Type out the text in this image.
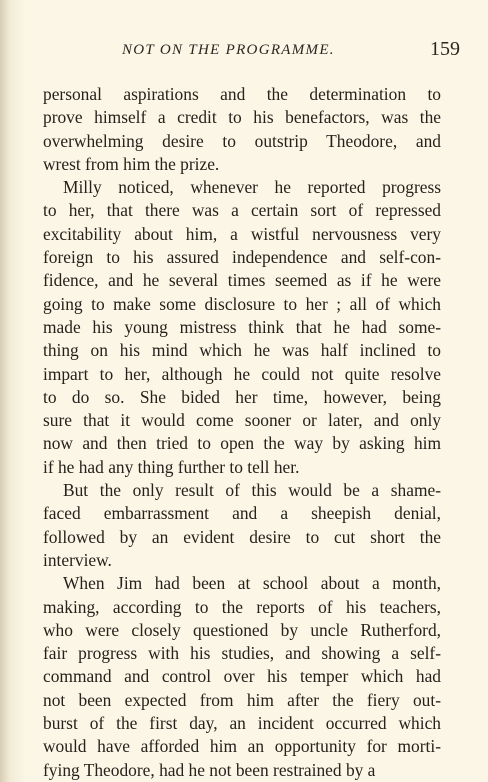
NOT ON THE PROGRAMME.	159
personal aspirations and the determination to
prove himself a credit to his benefactors, was the
overwhelming desire to outstrip Theodore, and
wrest from him the prize.
Milly noticed, whenever he reported progress
to her, that there was a certain sort of repressed
excitability about him, a wistful nervousness very
foreign to his assured independence and self-con-
fidence, and he several times seemed as if he were
going to make some disclosure to her ; all of which
made his young mistress think that he had some-
thing on his mind which he was half inclined to
impart to her, although he could not quite resolve
to do so. She bided her time, however, being
sure that it would come sooner or later, and only
now and then tried to open the way by asking him
if he had any thing further to tell her.
But the only result of this would be a shame-
faced embarrassment and a sheepish denial,
followed by an evident desire to cut short the
interview.
When Jim had been at school about a month,
making, according to the reports of his teachers,
who were closely questioned by uncle Rutherford,
fair progress with his studies, and showing a self-
command and control over his temper which had
not been expected from him after the fiery out-
burst of the first day, an incident occurred which
would have afforded him an opportunity for morti-
fying Theodore, had he not been restrained by a
